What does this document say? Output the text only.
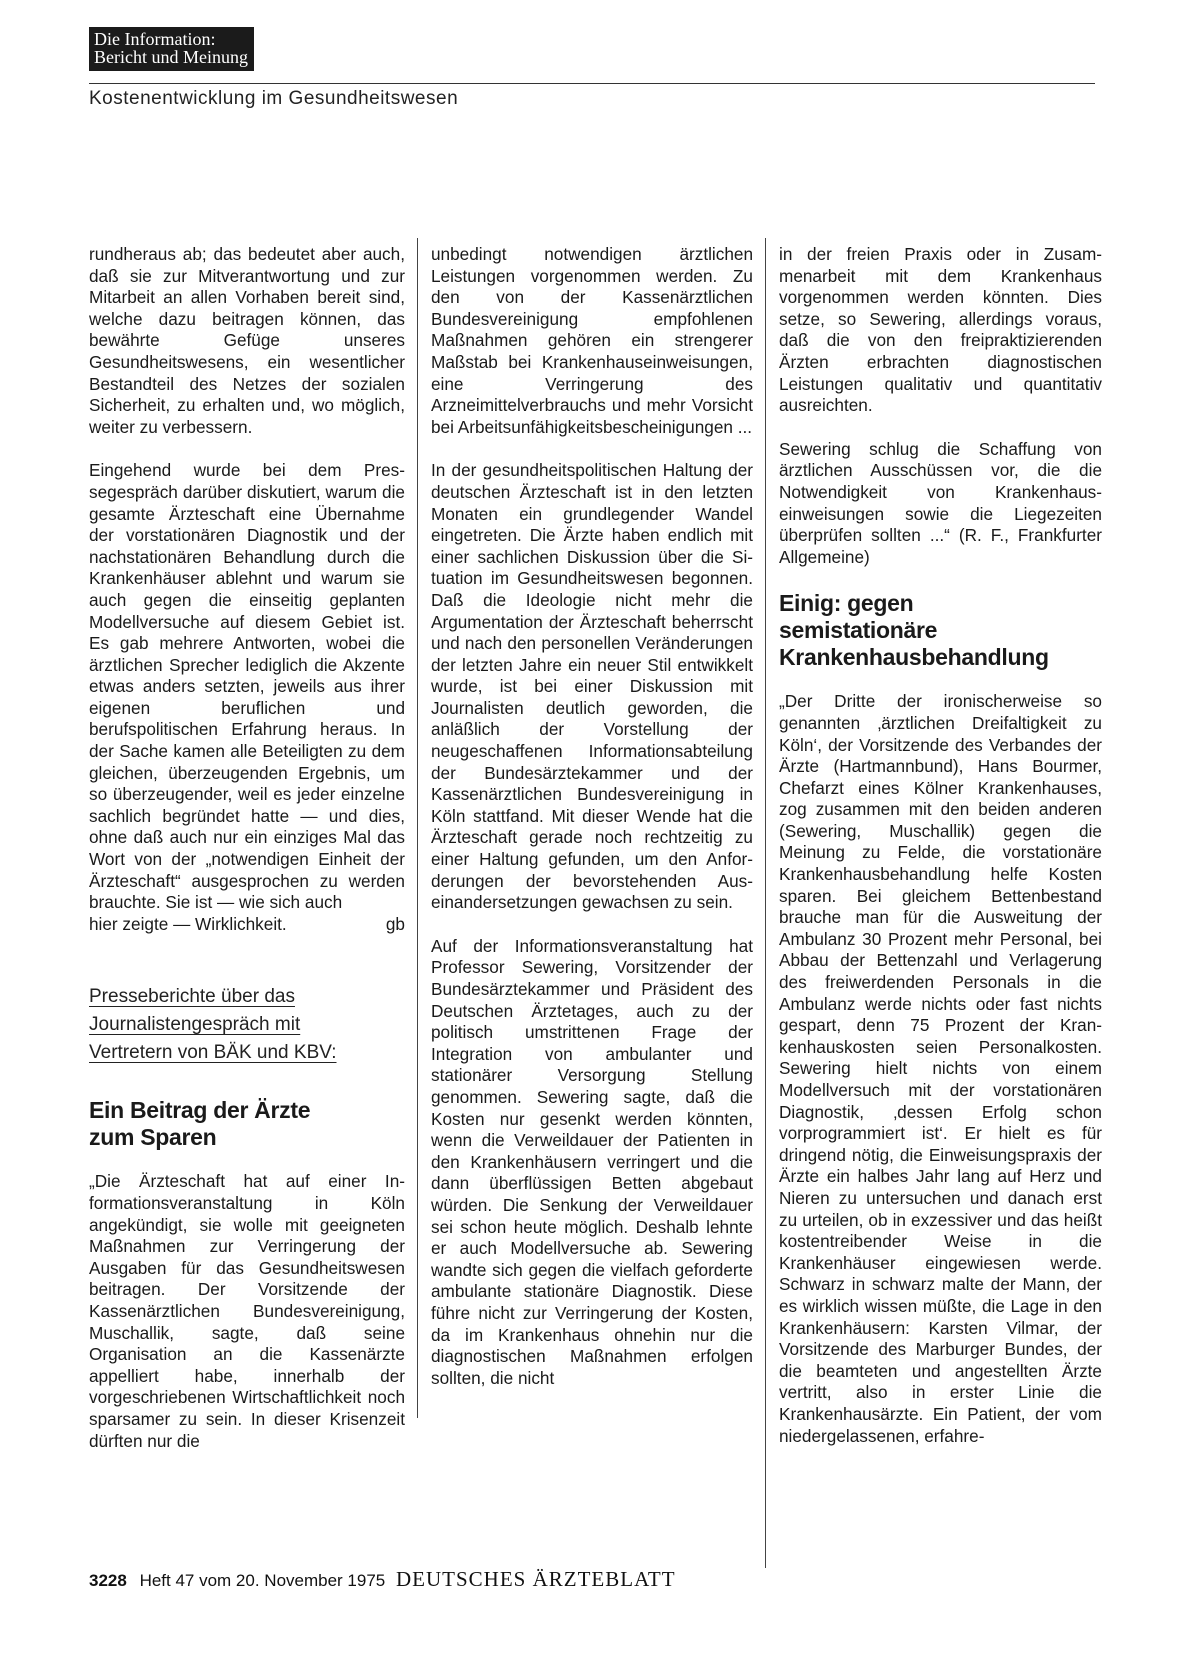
Die Information:
Bericht und Meinung
Kostenentwicklung im Gesundheitswesen

rundheraus ab; das bedeutet aber auch, daß sie zur Mitverantwortung und zur Mitarbeit an allen Vorhaben bereit sind, welche dazu beitragen können, das bewährte Gefüge unseres Gesundheitswesens, ein wesentlicher Bestandteil des Netzes der sozialen Sicherheit, zu erhalten und, wo möglich, weiter zu verbessern.

Eingehend wurde bei dem Pressegespräch darüber diskutiert, warum die gesamte Ärzteschaft eine Übernahme der vorstationären Diagnostik und der nachstationären Behandlung durch die Krankenhäuser ablehnt und warum sie auch gegen die einseitig geplanten Modellversuche auf diesem Gebiet ist. Es gab mehrere Antworten, wobei die ärztlichen Sprecher lediglich die Akzente etwas anders setzten, jeweils aus ihrer eigenen beruflichen und berufspolitischen Erfahrung heraus. In der Sache kamen alle Beteiligten zu dem gleichen, überzeugenden Ergebnis, um so überzeugender, weil es jeder einzelne sachlich begründet hatte — und dies, ohne daß auch nur ein einziges Mal das Wort von der „notwendigen Einheit der Ärzteschaft“ ausgesprochen zu werden brauchte. Sie ist — wie sich auch
hier zeigte — Wirklichkeit.	gb

Presseberichte über das
Journalistengespräch mit
Vertretern von BÄK und KBV:
Ein Beitrag der Ärzte
zum Sparen

„Die Ärzteschaft hat auf einer Informationsveranstaltung in Köln angekündigt, sie wolle mit geeigneten Maßnahmen zur Verringerung der Ausgaben für das Gesundheitswesen beitragen. Der Vorsitzende der Kassenärztlichen Bundesvereinigung, Muschallik, sagte, daß seine Organisation an die Kassenärzte appelliert habe, innerhalb der vorgeschriebenen Wirtschaftlichkeit noch sparsamer zu sein. In dieser Krisenzeit dürften nur die

unbedingt notwendigen ärztlichen Leistungen vorgenommen werden. Zu den von der Kassenärztlichen Bundesvereinigung empfohlenen Maßnahmen gehören ein strengerer Maßstab bei Krankenhauseinweisungen, eine Verringerung des Arzneimittelverbrauchs und mehr Vorsicht bei Arbeitsunfähigkeitsbescheinigungen ...

In der gesundheitspolitischen Haltung der deutschen Ärzteschaft ist in den letzten Monaten ein grundlegender Wandel eingetreten. Die Ärzte haben endlich mit einer sachlichen Diskussion über die Situation im Gesundheitswesen begonnen. Daß die Ideologie nicht mehr die Argumentation der Ärzteschaft beherrscht und nach den personellen Veränderungen der letzten Jahre ein neuer Stil entwikkelt wurde, ist bei einer Diskussion mit Journalisten deutlich geworden, die anläßlich der Vorstellung der neugeschaffenen Informationsabteilung der Bundesärztekammer und der Kassenärztlichen Bundesvereinigung in Köln stattfand. Mit dieser Wende hat die Ärzteschaft gerade noch rechtzeitig zu einer Haltung gefunden, um den Anforderungen der bevorstehenden Auseinandersetzungen gewachsen zu sein.

Auf der Informationsveranstaltung hat Professor Sewering, Vorsitzender der Bundesärztekammer und Präsident des Deutschen Ärztetages, auch zu der politisch umstrittenen Frage der Integration von ambulanter und stationärer Versorgung Stellung genommen. Sewering sagte, daß die Kosten nur gesenkt werden könnten, wenn die Verweildauer der Patienten in den Krankenhäusern verringert und die dann überflüssigen Betten abgebaut würden. Die Senkung der Verweildauer sei schon heute möglich. Deshalb lehnte er auch Modellversuche ab. Sewering wandte sich gegen die vielfach geforderte ambulante stationäre Diagnostik. Diese führe nicht zur Verringerung der Kosten, da im Krankenhaus ohnehin nur die diagnostischen Maßnahmen erfolgen sollten, die nicht

in der freien Praxis oder in Zusammenarbeit mit dem Krankenhaus vorgenommen werden könnten. Dies setze, so Sewering, allerdings voraus, daß die von den freipraktizierenden Ärzten erbrachten diagnostischen Leistungen qualitativ und quantitativ ausreichten.

Sewering schlug die Schaffung von ärztlichen Ausschüssen vor, die die Notwendigkeit von Krankenhauseinweisungen sowie die Liegezeiten überprüfen sollten ...“ (R. F., Frankfurter Allgemeine)

Einig: gegen
semistationäre
Krankenhausbehandlung

„Der Dritte der ironischerweise so genannten ‚ärztlichen Dreifaltigkeit zu Köln‘, der Vorsitzende des Verbandes der Ärzte (Hartmannbund), Hans Bourmer, Chefarzt eines Kölner Krankenhauses, zog zusammen mit den beiden anderen (Sewering, Muschallik) gegen die Meinung zu Felde, die vorstationäre Krankenhausbehandlung helfe Kosten sparen. Bei gleichem Bettenbestand brauche man für die Ausweitung der Ambulanz 30 Prozent mehr Personal, bei Abbau der Bettenzahl und Verlagerung des freiwerdenden Personals in die Ambulanz werde nichts oder fast nichts gespart, denn 75 Prozent der Krankenhauskosten seien Personalkosten. Sewering hielt nichts von einem Modellversuch mit der vorstationären Diagnostik, ‚dessen Erfolg schon vorprogrammiert ist‘. Er hielt es für dringend nötig, die Einweisungspraxis der Ärzte ein halbes Jahr lang auf Herz und Nieren zu untersuchen und danach erst zu urteilen, ob in exzessiver und das heißt kostentreibender Weise in die Krankenhäuser eingewiesen werde. Schwarz in schwarz malte der Mann, der es wirklich wissen müßte, die Lage in den Krankenhäusern: Karsten Vilmar, der Vorsitzende des Marburger Bundes, der die beamteten und angestellten Ärzte vertritt, also in erster Linie die Krankenhausärzte. Ein Patient, der vom niedergelassenen, erfahre-

3228 Heft 47 vom 20. November 1975 DEUTSCHES ÄRZTEBLATT
